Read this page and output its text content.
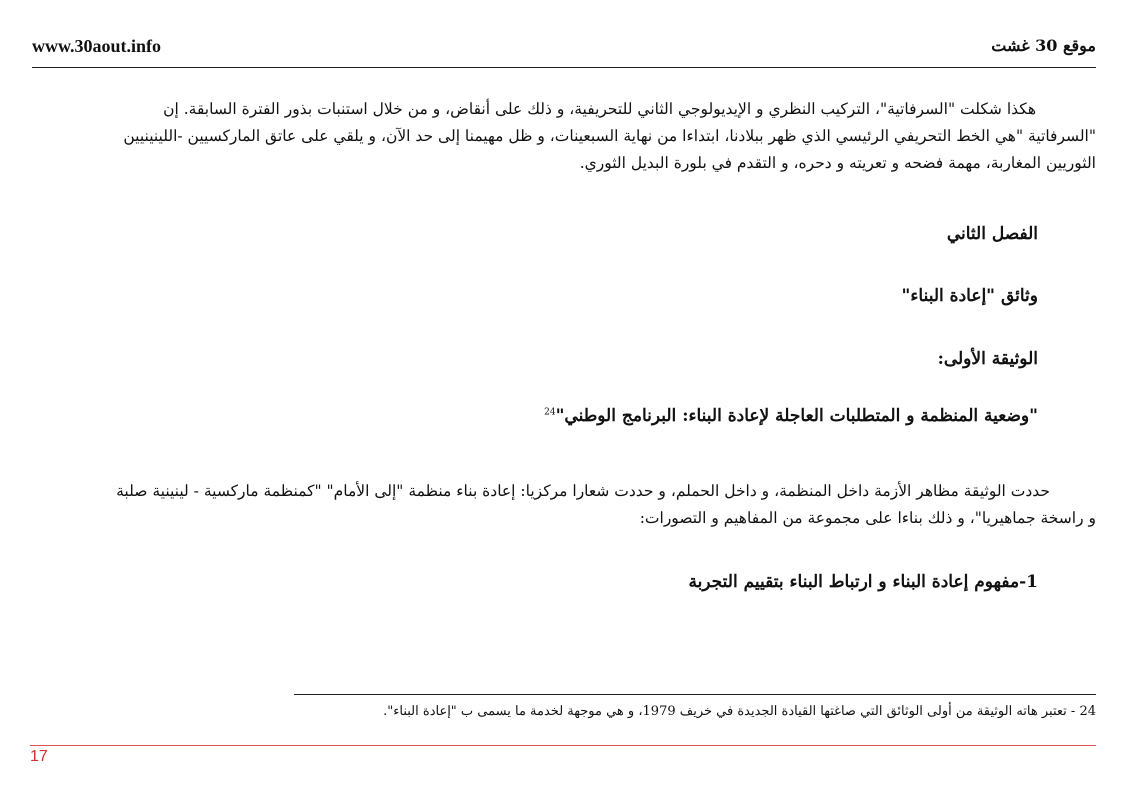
www.30aout.info	موقع 30 غشت
هكذا شكلت "السرفاتية"، التركيب النظري و الإيديولوجي الثاني للتحريفية، و ذلك على أنقاض، و من خلال استنبات بذور الفترة السابقة. إن
"السرفاتية "هي الخط التحريفي الرئيسي الذي ظهر ببلادنا، ابتداءا من نهاية السبعينات، و ظل مهيمنا إلى حد الآن، و يلقي على عاتق الماركسيين -اللينينيين
الثوريين المغاربة، مهمة فضحه و تعريته و دحره، و التقدم في بلورة البديل الثوري.
الفصل الثاني
وثائق "إعادة البناء"
الوثيقة الأولى:
"وضعية المنظمة و المتطلبات العاجلة لإعادة البناء: البرنامج الوطني"$^{24}$
حددت الوثيقة مظاهر الأزمة داخل المنظمة، و داخل الحملم، و حددت شعارا مركزيا: إعادة بناء منظمة "إلى الأمام" "كمنظمة ماركسية - لينينية صلبة
و راسخة جماهيريا"، و ذلك بناءا على مجموعة من المفاهيم و التصورات:
1-مفهوم إعادة البناء و ارتباط البناء بتقييم التجربة
24 - تعتبر هاته الوثيقة من أولى الوثائق التي صاغتها القيادة الجديدة في خريف 1979، و هي موجهة لخدمة ما يسمى ب "إعادة البناء".
17
